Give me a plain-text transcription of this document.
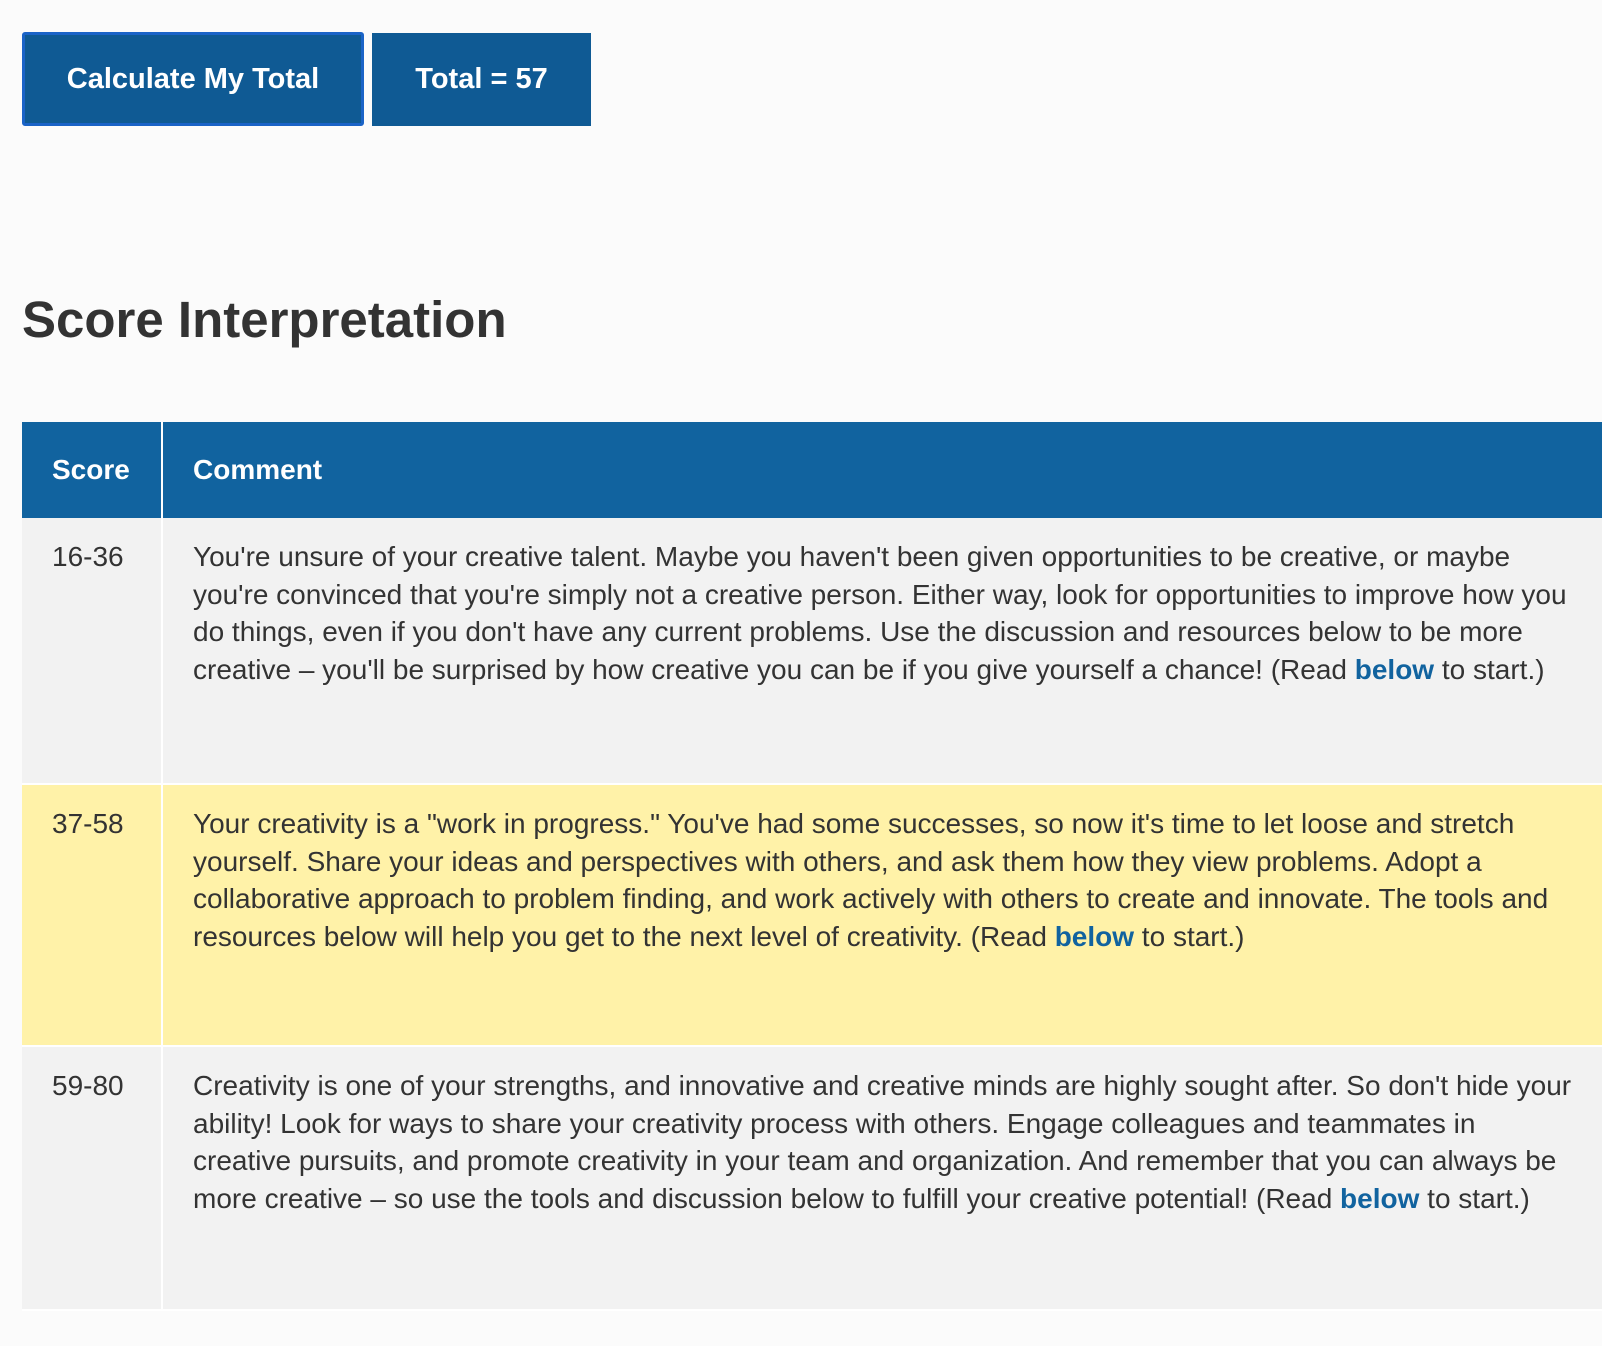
Calculate My Total	Total = 57
Score Interpretation
Score	Comment
16-36	You're unsure of your creative talent. Maybe you haven't been given opportunities to be creative, or maybe you're convinced that you're simply not a creative person. Either way, look for opportunities to improve how you do things, even if you don't have any current problems. Use the discussion and resources below to be more creative – you'll be surprised by how creative you can be if you give yourself a chance! (Read below to start.)
37-58	Your creativity is a "work in progress." You've had some successes, so now it's time to let loose and stretch yourself. Share your ideas and perspectives with others, and ask them how they view problems. Adopt a collaborative approach to problem finding, and work actively with others to create and innovate. The tools and resources below will help you get to the next level of creativity. (Read below to start.)
59-80	Creativity is one of your strengths, and innovative and creative minds are highly sought after. So don't hide your ability! Look for ways to share your creativity process with others. Engage colleagues and teammates in creative pursuits, and promote creativity in your team and organization. And remember that you can always be more creative – so use the tools and discussion below to fulfill your creative potential! (Read below to start.)
